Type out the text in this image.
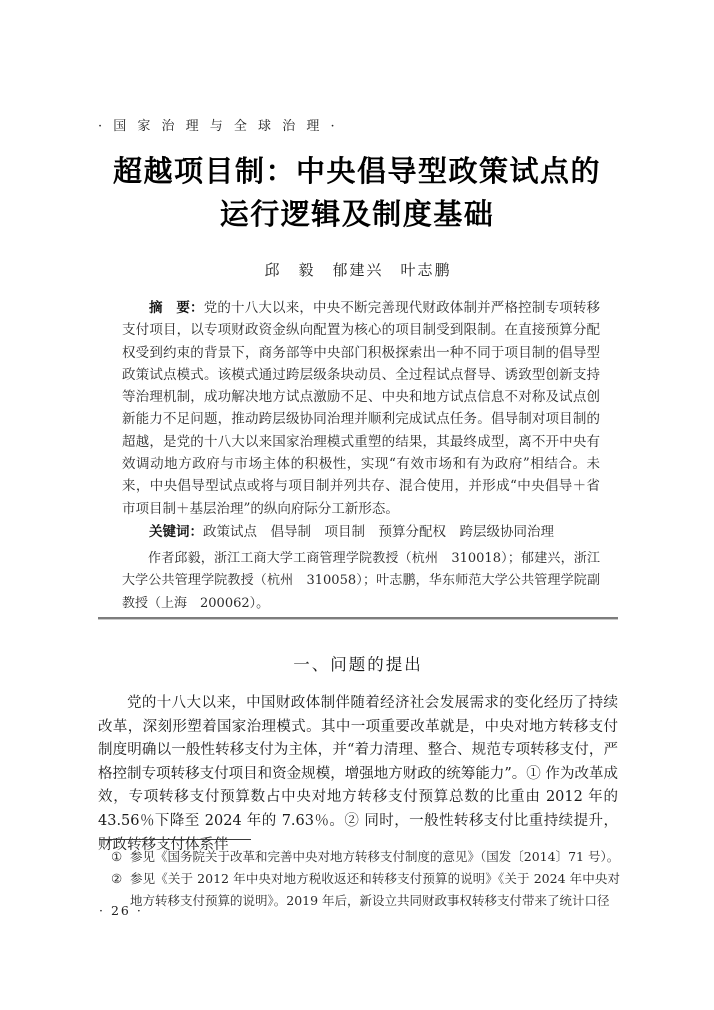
· 国 家 治 理 与 全 球 治 理 ·
超越项目制：中央倡导型政策试点的
运行逻辑及制度基础
邱　毅　郁建兴　叶志鹏

摘　要：党的十八大以来，中央不断完善现代财政体制并严格控制专项转移支付项目，以专项财政资金纵向配置为核心的项目制受到限制。在直接预算分配权受到约束的背景下，商务部等中央部门积极探索出一种不同于项目制的倡导型政策试点模式。该模式通过跨层级条块动员、全过程试点督导、诱致型创新支持等治理机制，成功解决地方试点激励不足、中央和地方试点信息不对称及试点创新能力不足问题，推动跨层级协同治理并顺利完成试点任务。倡导制对项目制的超越，是党的十八大以来国家治理模式重塑的结果，其最终成型，离不开中央有效调动地方政府与市场主体的积极性，实现“有效市场和有为政府”相结合。未来，中央倡导型试点或将与项目制并列共存、混合使用，并形成“中央倡导＋省市项目制＋基层治理”的纵向府际分工新形态。

关键词：政策试点　倡导制　项目制　预算分配权　跨层级协同治理

作者邱毅，浙江工商大学工商管理学院教授（杭州　310018）；郁建兴，浙江大学公共管理学院教授（杭州　310058）；叶志鹏，华东师范大学公共管理学院副教授（上海　200062）。

一、问题的提出

党的十八大以来，中国财政体制伴随着经济社会发展需求的变化经历了持续改革，深刻形塑着国家治理模式。其中一项重要改革就是，中央对地方转移支付制度明确以一般性转移支付为主体，并“着力清理、整合、规范专项转移支付，严格控制专项转移支付项目和资金规模，增强地方财政的统筹能力”。① 作为改革成效，专项转移支付预算数占中央对地方转移支付预算总数的比重由 2012 年的 43.56％下降至 2024 年的 7.63％。② 同时，一般性转移支付比重持续提升，财政转移支付体系伴

① 参见《国务院关于改革和完善中央对地方转移支付制度的意见》（国发〔2014〕71 号）。
② 参见《关于 2012 年中央对地方税收返还和转移支付预算的说明》《关于 2024 年中央对地方转移支付预算的说明》。2019 年后，新设立共同财政事权转移支付带来了统计口径
· 26 ·
